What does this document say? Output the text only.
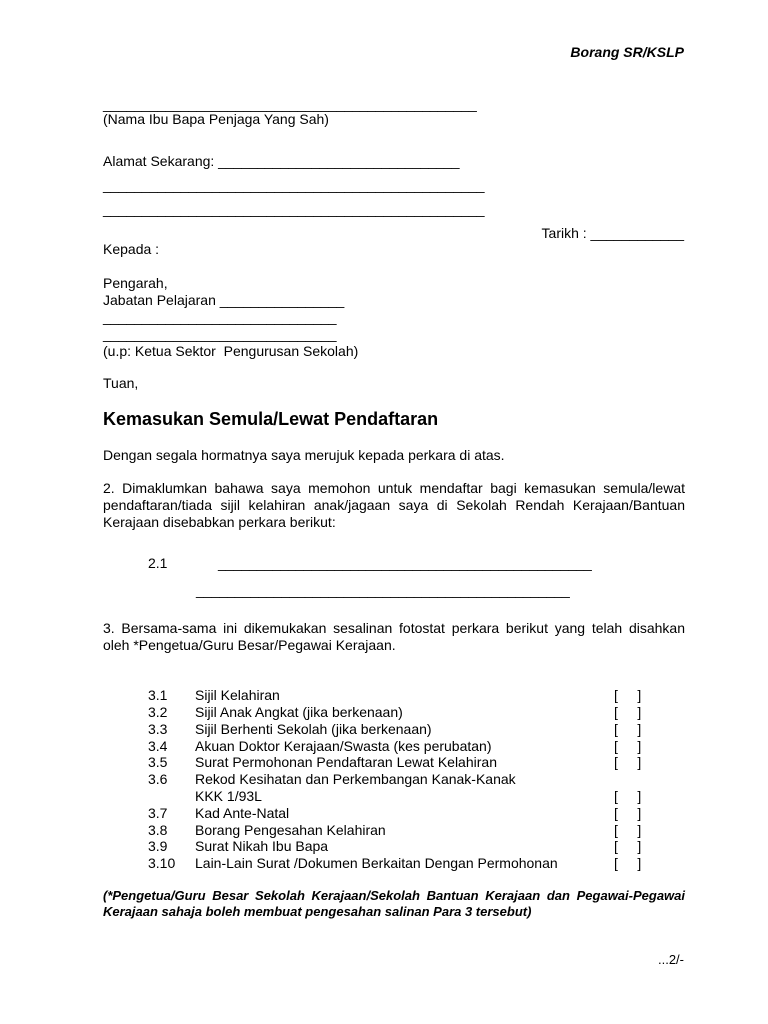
Borang SR/KSLP
________________________________________________
(Nama Ibu Bapa Penjaga Yang Sah)
Alamat Sekarang: _______________________________
_________________________________________________
_________________________________________________
Tarikh : ____________
Kepada :
Pengarah,
Jabatan Pelajaran ________________
______________________________
______________________________
(u.p: Ketua Sektor  Pengurusan Sekolah)
Tuan,
Kemasukan Semula/Lewat Pendaftaran
Dengan segala hormatnya saya merujuk kepada perkara di atas.
2. Dimaklumkan bahawa saya memohon untuk mendaftar bagi kemasukan semula/lewat pendaftaran/tiada sijil kelahiran anak/jagaan saya di Sekolah Rendah Kerajaan/Bantuan Kerajaan disebabkan perkara berikut:
2.1	________________________________________________
________________________________________________
3. Bersama-sama ini dikemukakan sesalinan fotostat perkara berikut yang telah disahkan oleh *Pengetua/Guru Besar/Pegawai Kerajaan.
3.1 Sijil Kelahiran	[     ]
3.2 Sijil Anak Angkat (jika berkenaan)	[     ]
3.3 Sijil Berhenti Sekolah (jika berkenaan)	[     ]
3.4 Akuan Doktor Kerajaan/Swasta (kes perubatan)	[     ]
3.5 Surat Permohonan Pendaftaran Lewat Kelahiran	[     ]
3.6 Rekod Kesihatan dan Perkembangan Kanak-Kanak
KKK 1/93L	[     ]
3.7 Kad Ante-Natal	[     ]
3.8 Borang Pengesahan Kelahiran	[     ]
3.9 Surat Nikah Ibu Bapa	[     ]
3.10 Lain-Lain Surat /Dokumen Berkaitan Dengan Permohonan	[     ]
(*Pengetua/Guru Besar Sekolah Kerajaan/Sekolah Bantuan Kerajaan dan Pegawai-Pegawai Kerajaan sahaja boleh membuat pengesahan salinan Para 3 tersebut)
...2/-
